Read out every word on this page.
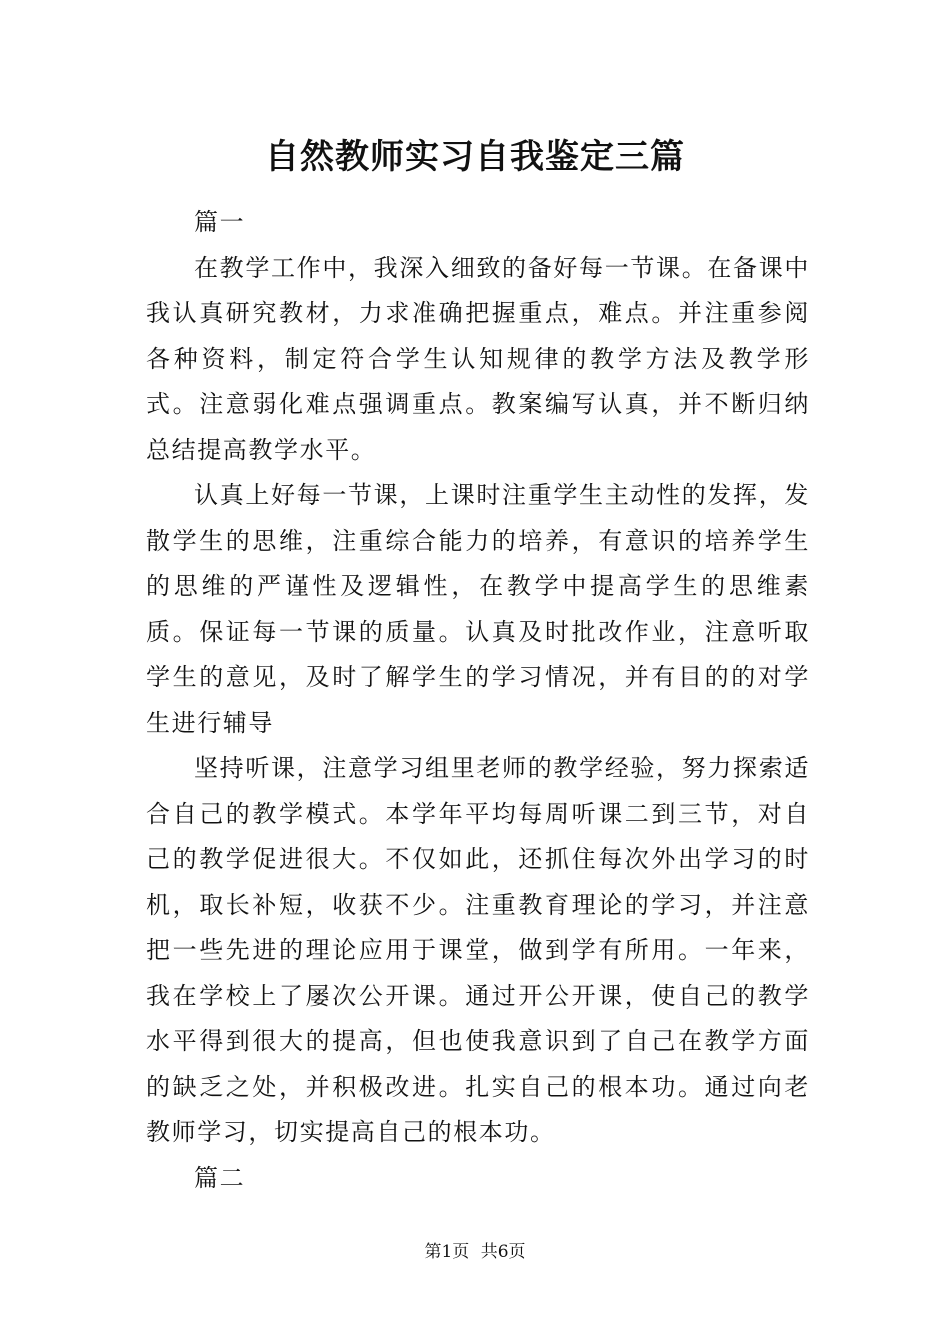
自然教师实习自我鉴定三篇

篇一

在教学工作中，我深入细致的备好每一节课。在备课中我认真研究教材，力求准确把握重点，难点。并注重参阅各种资料，制定符合学生认知规律的教学方法及教学形式。注意弱化难点强调重点。教案编写认真，并不断归纳总结提高教学水平。

认真上好每一节课，上课时注重学生主动性的发挥，发散学生的思维，注重综合能力的培养，有意识的培养学生的思维的严谨性及逻辑性，在教学中提高学生的思维素质。保证每一节课的质量。认真及时批改作业，注意听取学生的意见，及时了解学生的学习情况，并有目的的对学生进行辅导

坚持听课，注意学习组里老师的教学经验，努力探索适合自己的教学模式。本学年平均每周听课二到三节，对自己的教学促进很大。不仅如此，还抓住每次外出学习的时机，取长补短，收获不少。注重教育理论的学习，并注意把一些先进的理论应用于课堂，做到学有所用。一年来，我在学校上了屡次公开课。通过开公开课，使自己的教学水平得到很大的提高，但也使我意识到了自己在教学方面的缺乏之处，并积极改进。扎实自己的根本功。通过向老教师学习，切实提高自己的根本功。

篇二

第1页 共6页
